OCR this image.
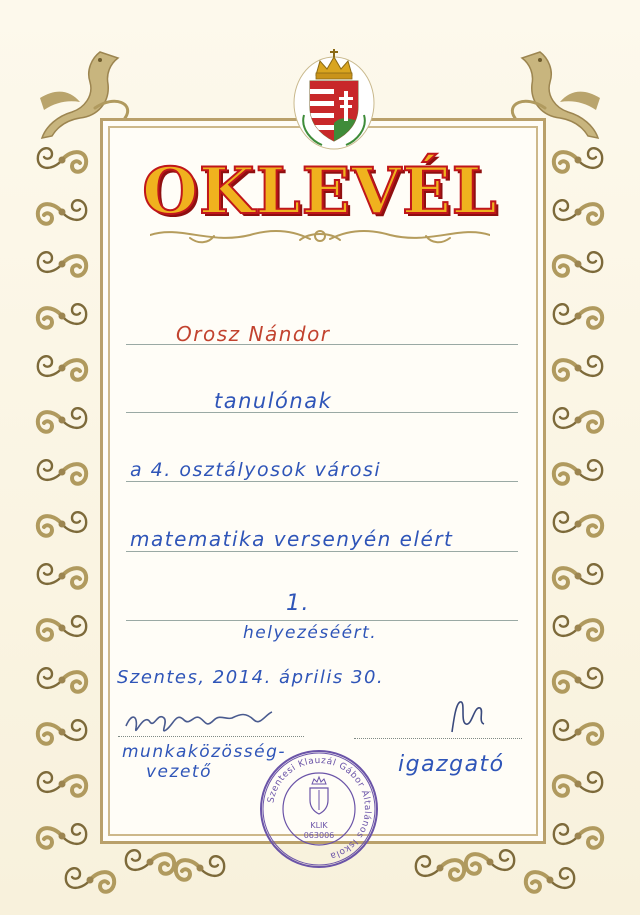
OKLEVÉL
Orosz Nándor
tanulónak
a 4. osztályosok városi
matematika versenyén elért
1.
helyezéséért.
Szentes, 2014. április 30.
munkaközösség-
vezető	igazgató
Szentesi Klauzál Gábor Általános Iskola
KLIK
063006
